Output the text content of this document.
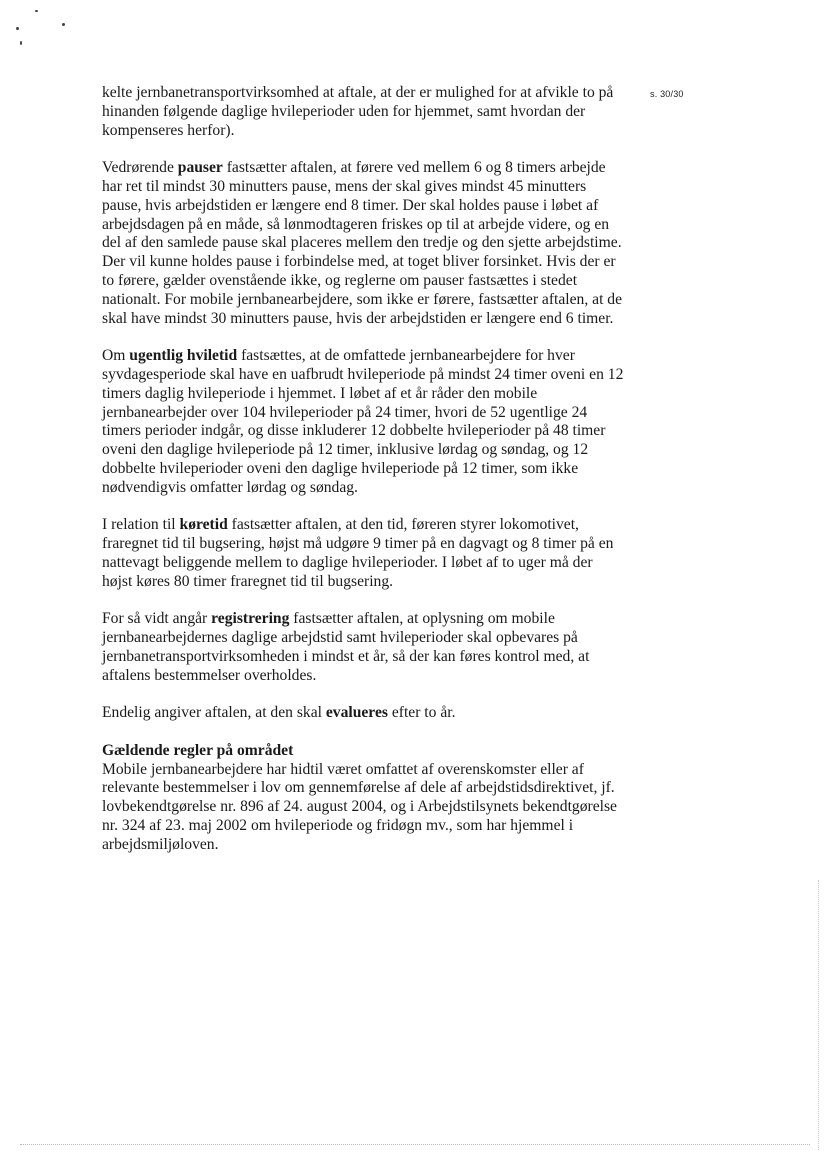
s. 30/30

kelte jernbanetransportvirksomhed at aftale, at der er mulighed for at afvikle to på hinanden følgende daglige hvileperioder uden for hjemmet, samt hvordan der kompenseres herfor).

Vedrørende pauser fastsætter aftalen, at førere ved mellem 6 og 8 timers arbejde har ret til mindst 30 minutters pause, mens der skal gives mindst 45 minutters pause, hvis arbejdstiden er længere end 8 timer. Der skal holdes pause i løbet af arbejdsdagen på en måde, så lønmodtageren friskes op til at arbejde videre, og en del af den samlede pause skal placeres mellem den tredje og den sjette arbejdstime. Der vil kunne holdes pause i forbindelse med, at toget bliver forsinket. Hvis der er to førere, gælder ovenstående ikke, og reglerne om pauser fastsættes i stedet nationalt. For mobile jernbanearbejdere, som ikke er førere, fastsætter aftalen, at de skal have mindst 30 minutters pause, hvis der arbejdstiden er længere end 6 timer.

Om ugentlig hviletid fastsættes, at de omfattede jernbanearbejdere for hver syvdagesperiode skal have en uafbrudt hvileperiode på mindst 24 timer oveni en 12 timers daglig hvileperiode i hjemmet. I løbet af et år råder den mobile jernbanearbejder over 104 hvileperioder på 24 timer, hvori de 52 ugentlige 24 timers perioder indgår, og disse inkluderer 12 dobbelte hvileperioder på 48 timer oveni den daglige hvileperiode på 12 timer, inklusive lørdag og søndag, og 12 dobbelte hvileperioder oveni den daglige hvileperiode på 12 timer, som ikke nødvendigvis omfatter lørdag og søndag.

I relation til køretid fastsætter aftalen, at den tid, føreren styrer lokomotivet, fraregnet tid til bugsering, højst må udgøre 9 timer på en dagvagt og 8 timer på en nattevagt beliggende mellem to daglige hvileperioder. I løbet af to uger må der højst køres 80 timer fraregnet tid til bugsering.

For så vidt angår registrering fastsætter aftalen, at oplysning om mobile jernbanearbejdernes daglige arbejdstid samt hvileperioder skal opbevares på jernbanetransportvirksomheden i mindst et år, så der kan føres kontrol med, at aftalens bestemmelser overholdes.

Endelig angiver aftalen, at den skal evalueres efter to år.

Gældende regler på området

Mobile jernbanearbejdere har hidtil været omfattet af overenskomster eller af relevante bestemmelser i lov om gennemførelse af dele af arbejdstidsdirektivet, jf. lovbekendtgørelse nr. 896 af 24. august 2004, og i Arbejdstilsynets bekendtgørelse nr. 324 af 23. maj 2002 om hvileperiode og fridøgn mv., som har hjemmel i arbejdsmiljøloven.
